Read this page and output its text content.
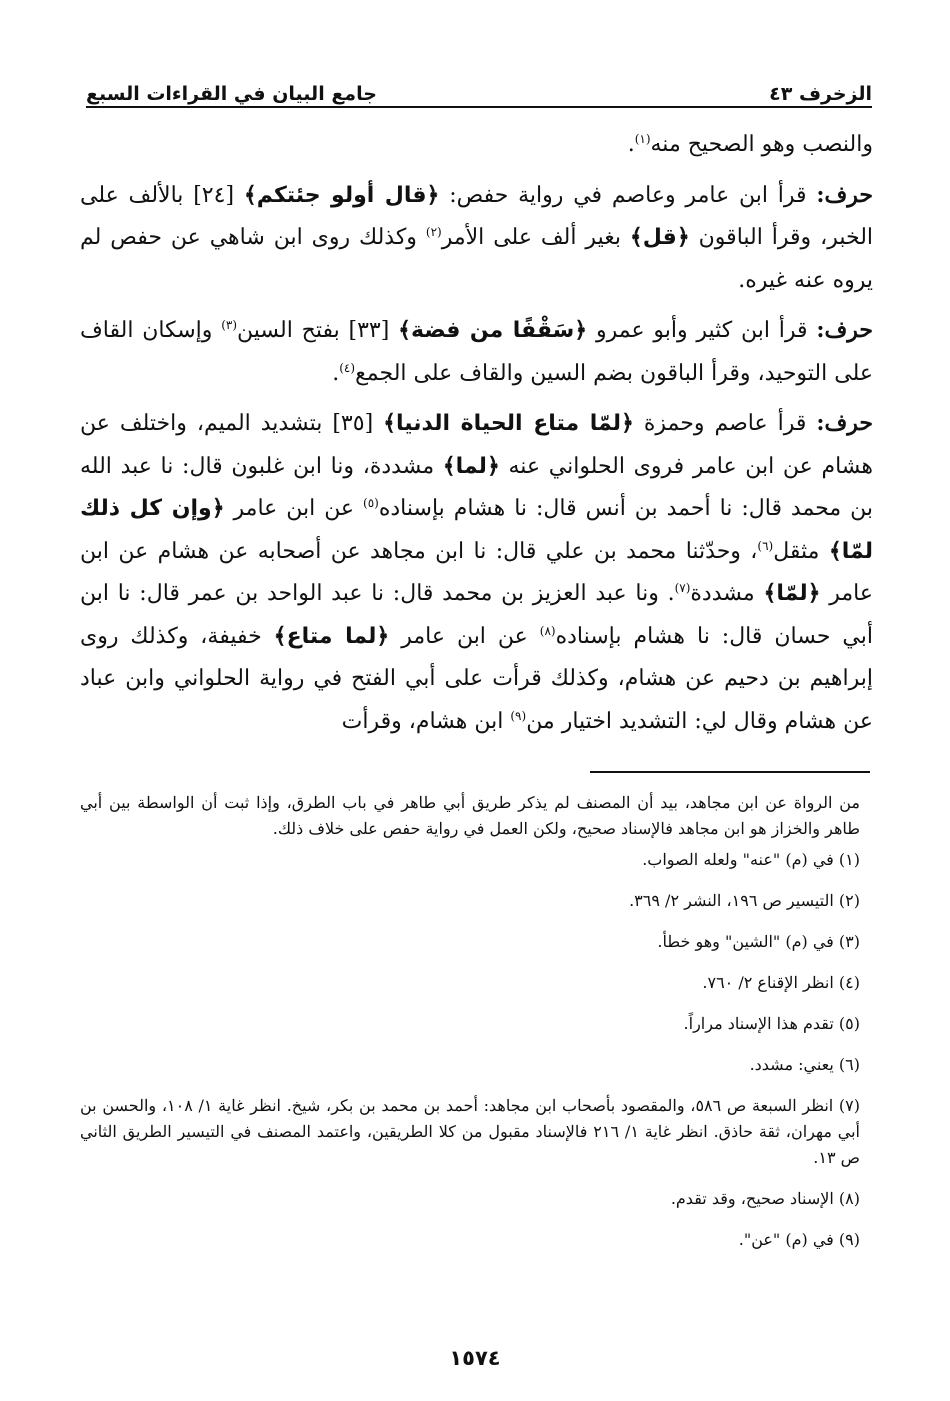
الزخرف ٤٣
جامع البيان في القراءات السبع

والنصب وهو الصحيح منه$^{(١)}$.

حرف: قرأ ابن عامر وعاصم في رواية حفص: ﴿قال أولو جئتكم﴾ [٢٤] بالألف على الخبر، وقرأ الباقون ﴿قل﴾ بغير ألف على الأمر$^{(٢)}$ وكذلك روى ابن شاهي عن حفص لم يروه عنه غيره.

حرف: قرأ ابن كثير وأبو عمرو ﴿سَقْفًا من فضة﴾ [٣٣] بفتح السين$^{(٣)}$ وإسكان القاف على التوحيد، وقرأ الباقون بضم السين والقاف على الجمع$^{(٤)}$.

حرف: قرأ عاصم وحمزة ﴿لمّا متاع الحياة الدنيا﴾ [٣٥] بتشديد الميم، واختلف عن هشام عن ابن عامر فروى الحلواني عنه ﴿لما﴾ مشددة، ونا ابن غلبون قال: نا عبد الله بن محمد قال: نا أحمد بن أنس قال: نا هشام بإسناده$^{(٥)}$ عن ابن عامر ﴿وإن كل ذلك لمّا﴾ مثقل$^{(٦)}$، وحدّثنا محمد بن علي قال: نا ابن مجاهد عن أصحابه عن هشام عن ابن عامر ﴿لمّا﴾ مشددة$^{(٧)}$. ونا عبد العزيز بن محمد قال: نا عبد الواحد بن عمر قال: نا ابن أبي حسان قال: نا هشام بإسناده$^{(٨)}$ عن ابن عامر ﴿لما متاع﴾ خفيفة، وكذلك روى إبراهيم بن دحيم عن هشام، وكذلك قرأت على أبي الفتح في رواية الحلواني وابن عباد عن هشام وقال لي: التشديد اختيار من$^{(٩)}$ ابن هشام، وقرأت

من الرواة عن ابن مجاهد، بيد أن المصنف لم يذكر طريق أبي طاهر في باب الطرق، وإذا ثبت أن الواسطة بين أبي طاهر والخزاز هو ابن مجاهد فالإسناد صحيح، ولكن العمل في رواية حفص على خلاف ذلك.

(١) في (م) "عنه" ولعله الصواب.

(٢) التيسير ص ١٩٦، النشر ٢/ ٣٦٩.

(٣) في (م) "الشين" وهو خطأ.

(٤) انظر الإقناع ٢/ ٧٦٠.

(٥) تقدم هذا الإسناد مراراً.

(٦) يعني: مشدد.

(٧) انظر السبعة ص ٥٨٦، والمقصود بأصحاب ابن مجاهد: أحمد بن محمد بن بكر، شيخ. انظر غاية ١/ ١٠٨، والحسن بن أبي مهران، ثقة حاذق. انظر غاية ١/ ٢١٦ فالإسناد مقبول من كلا الطريقين، واعتمد المصنف في التيسير الطريق الثاني ص ١٣.

(٨) الإسناد صحيح، وقد تقدم.

(٩) في (م) "عن".

١٥٧٤
